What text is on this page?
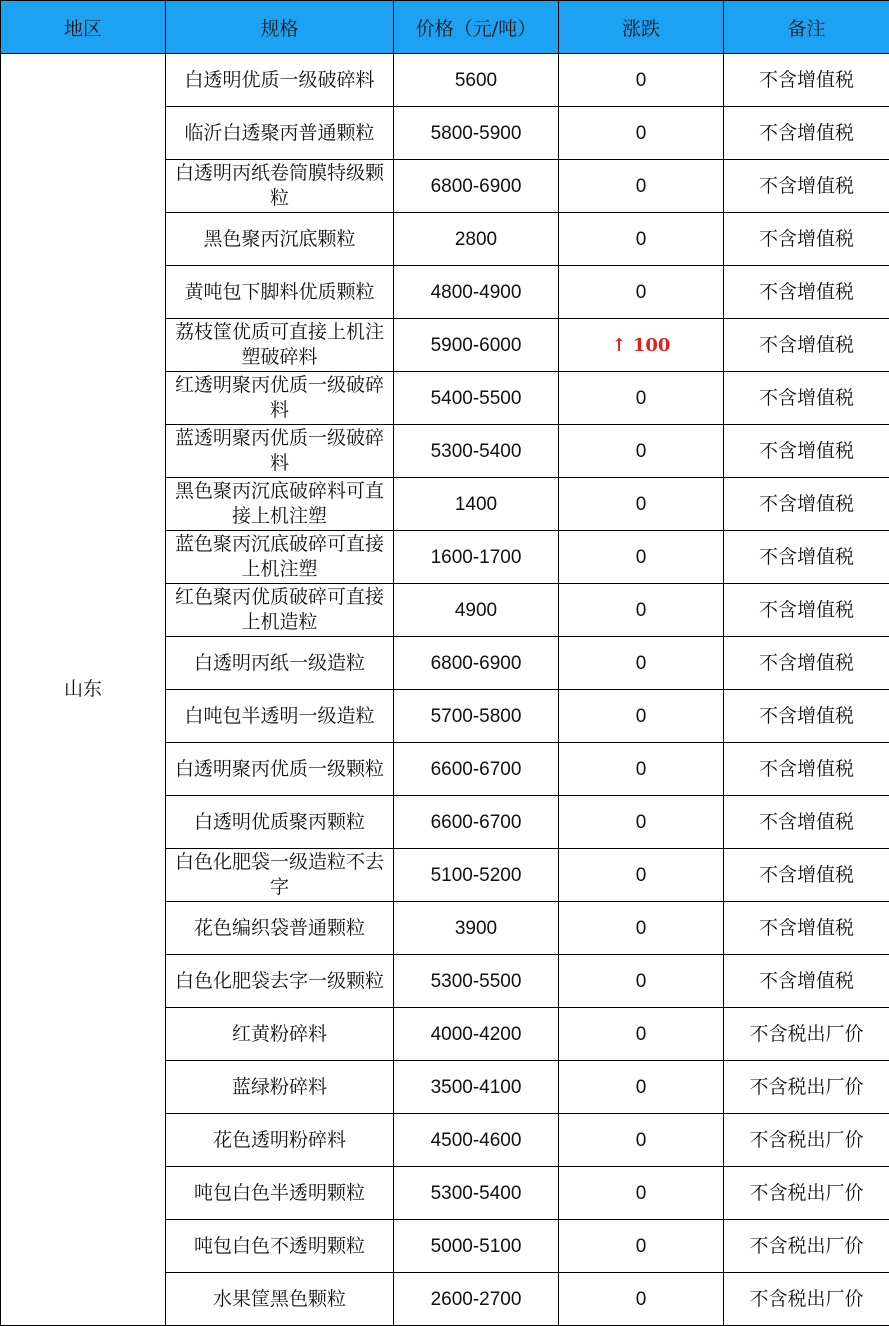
地区	规格	价格（元/吨）	涨跌	备注
山东	白透明优质一级破碎料	5600	0	不含增值税
	临沂白透聚丙普通颗粒	5800-5900	0	不含增值税
	白透明丙纸卷筒膜特级颗粒	6800-6900	0	不含增值税
	黑色聚丙沉底颗粒	2800	0	不含增值税
	黄吨包下脚料优质颗粒	4800-4900	0	不含增值税
	荔枝筐优质可直接上机注塑破碎料	5900-6000	↑ 100	不含增值税
	红透明聚丙优质一级破碎料	5400-5500	0	不含增值税
	蓝透明聚丙优质一级破碎料	5300-5400	0	不含增值税
	黑色聚丙沉底破碎料可直接上机注塑	1400	0	不含增值税
	蓝色聚丙沉底破碎可直接上机注塑	1600-1700	0	不含增值税
	红色聚丙优质破碎可直接上机造粒	4900	0	不含增值税
	白透明丙纸一级造粒	6800-6900	0	不含增值税
	白吨包半透明一级造粒	5700-5800	0	不含增值税
	白透明聚丙优质一级颗粒	6600-6700	0	不含增值税
	白透明优质聚丙颗粒	6600-6700	0	不含增值税
	白色化肥袋一级造粒不去字	5100-5200	0	不含增值税
	花色编织袋普通颗粒	3900	0	不含增值税
	白色化肥袋去字一级颗粒	5300-5500	0	不含增值税
	红黄粉碎料	4000-4200	0	不含税出厂价
	蓝绿粉碎料	3500-4100	0	不含税出厂价
	花色透明粉碎料	4500-4600	0	不含税出厂价
	吨包白色半透明颗粒	5300-5400	0	不含税出厂价
	吨包白色不透明颗粒	5000-5100	0	不含税出厂价
	水果筐黑色颗粒	2600-2700	0	不含税出厂价
